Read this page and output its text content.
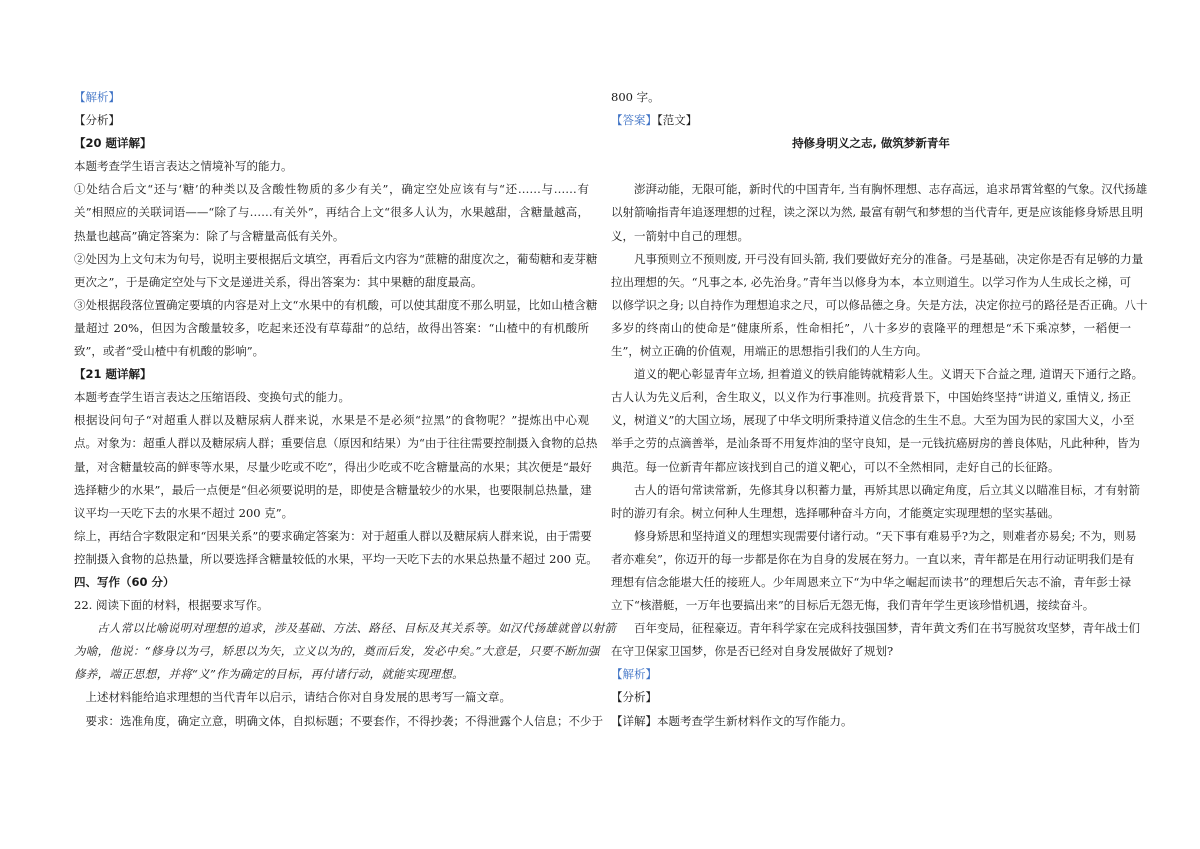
【解析】

【分析】

【20 题详解】

本题考查学生语言表达之情境补写的能力。

①处结合后文“还与‘糖’的种类以及含酸性物质的多少有关”，确定空处应该有与“还……与……有

关”相照应的关联词语——“除了与……有关外”，再结合上文“很多人认为，水果越甜，含糖量越高，

热量也越高”确定答案为：除了与含糖量高低有关外。

②处因为上文句末为句号，说明主要根据后文填空，再看后文内容为“蔗糖的甜度次之，葡萄糖和麦芽糖

更次之”，于是确定空处与下文是递进关系，得出答案为：其中果糖的甜度最高。

③处根据段落位置确定要填的内容是对上文“水果中的有机酸，可以使其甜度不那么明显，比如山楂含糖

量超过 20%，但因为含酸量较多，吃起来还没有草莓甜”的总结，故得出答案：“山楂中的有机酸所

致”，或者“受山楂中有机酸的影响”。

【21 题详解】

本题考查学生语言表达之压缩语段、变换句式的能力。

根据设问句子“对超重人群以及糖尿病人群来说，水果是不是必须“拉黑”的食物呢？”提炼出中心观

点。对象为：超重人群以及糖尿病人群；重要信息（原因和结果）为“由于往往需要控制摄入食物的总热

量，对含糖量较高的鲜枣等水果，尽量少吃或不吃”，得出少吃或不吃含糖量高的水果；其次便是“最好

选择糖少的水果”，最后一点便是“但必须要说明的是，即使是含糖量较少的水果，也要限制总热量，建

议平均一天吃下去的水果不超过 200 克”。

综上，再结合字数限定和“因果关系”的要求确定答案为：对于超重人群以及糖尿病人群来说，由于需要

控制摄入食物的总热量，所以要选择含糖量较低的水果，平均一天吃下去的水果总热量不超过 200 克。

四、写作（60 分）

22. 阅读下面的材料，根据要求写作。

古人常以比喻说明对理想的追求，涉及基础、方法、路径、目标及其关系等。如汉代扬雄就曾以射箭

为喻，他说：“修身以为弓，矫思以为矢，立义以为的，奠而后发，发必中矣。”大意是，只要不断加强

修养，端正思想，并将“义”作为确定的目标，再付诸行动，就能实现理想。

上述材料能给追求理想的当代青年以启示，请结合你对自身发展的思考写一篇文章。

要求：选准角度，确定立意，明确文体，自拟标题；不要套作，不得抄袭；不得泄露个人信息；不少于

800 字。

【答案】【范文】

持修身明义之志, 做筑梦新青年

澎湃动能，无限可能，新时代的中国青年, 当有胸怀理想、志存高远，追求昂霄耸壑的气象。汉代扬雄

以射箭喻指青年追逐理想的过程，读之深以为然, 最富有朝气和梦想的当代青年, 更是应该能修身矫思且明

义，一箭射中自己的理想。

凡事预则立不预则废, 开弓没有回头箭, 我们要做好充分的准备。弓是基础，决定你是否有足够的力量

拉出理想的矢。“凡事之本, 必先治身。”青年当以修身为本，本立则道生。以学习作为人生成长之梯，可

以修学识之身; 以自持作为理想追求之尺，可以修品德之身。矢是方法，决定你拉弓的路径是否正确。八十

多岁的终南山的使命是“健康所系，性命相托”，八十多岁的袁隆平的理想是“禾下乘凉梦，一稻便一

生”，树立正确的价值观，用端正的思想指引我们的人生方向。

道义的靶心彰显青年立场, 担着道义的铁肩能铸就精彩人生。义谓天下合益之理, 道谓天下通行之路。

古人认为先义后利，舍生取义，以义作为行事准则。抗疫背景下，中国始终坚持“讲道义, 重情义, 扬正

义，树道义”的大国立场，展现了中华文明所秉持道义信念的生生不息。大至为国为民的家国大义，小至

举手之劳的点滴善举，是汕条哥不用复炸油的坚守良知，是一元钱抗癌厨房的善良体贴，凡此种种，皆为

典范。每一位新青年都应该找到自己的道义靶心，可以不全然相同，走好自己的长征路。

古人的语句常读常新，先修其身以积蓄力量，再矫其思以确定角度，后立其义以瞄准目标，才有射箭

时的游刃有余。树立何种人生理想，选择哪种奋斗方向，才能奠定实现理想的坚实基础。

修身矫思和坚持道义的理想实现需要付诸行动。“天下事有难易乎?为之，则难者亦易矣; 不为，则易

者亦难矣”，你迈开的每一步都是你在为自身的发展在努力。一直以来，青年都是在用行动证明我们是有

理想有信念能堪大任的接班人。少年周恩来立下“为中华之崛起而读书”的理想后矢志不渝，青年彭士禄

立下“核潜艇，一万年也要搞出来”的目标后无怨无悔，我们青年学生更该珍惜机遇，接续奋斗。

百年变局，征程豪迈。青年科学家在完成科技强国梦，青年黄文秀们在书写脱贫攻坚梦，青年战士们

在守卫保家卫国梦，你是否已经对自身发展做好了规划?

【解析】

【分析】

【详解】本题考查学生新材料作文的写作能力。
